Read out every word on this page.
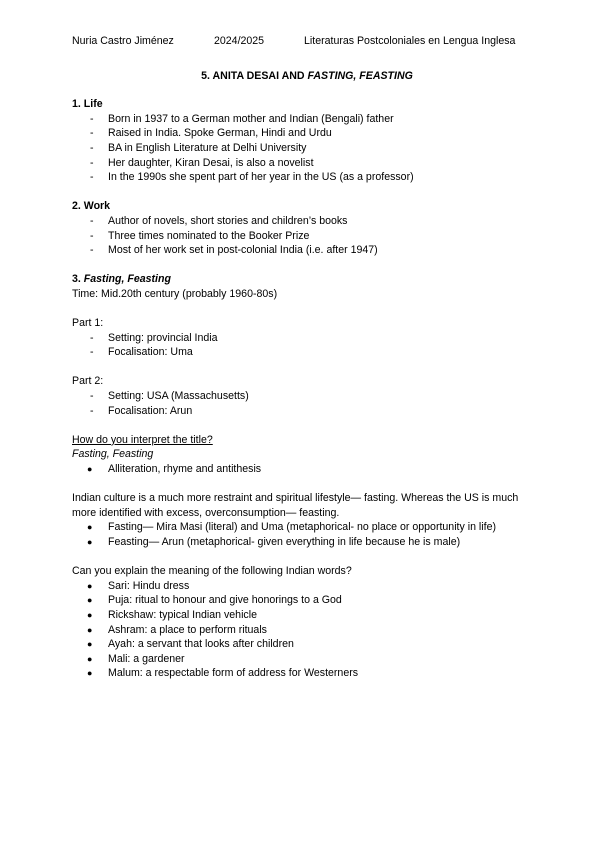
Nuria Castro Jiménez	2024/2025	Literaturas Postcoloniales en Lengua Inglesa
5. ANITA DESAI AND FASTING, FEASTING

1. Life

- Born in 1937 to a German mother and Indian (Bengali) father
- Raised in India. Spoke German, Hindi and Urdu
- BA in English Literature at Delhi University
- Her daughter, Kiran Desai, is also a novelist
- In the 1990s she spent part of her year in the US (as a professor)

2. Work

- Author of novels, short stories and children’s books
- Three times nominated to the Booker Prize
- Most of her work set in post-colonial India (i.e. after 1947)

3. Fasting, Feasting

Time: Mid.20th century (probably 1960-80s)

Part 1:

- Setting: provincial India
- Focalisation: Uma

Part 2:

- Setting: USA (Massachusetts)
- Focalisation: Arun

How do you interpret the title?

Fasting, Feasting

● Alliteration, rhyme and antithesis

Indian culture is a much more restraint and spiritual lifestyle— fasting. Whereas the US is much more identified with excess, overconsumption— feasting.

● Fasting— Mira Masi (literal) and Uma (metaphorical- no place or opportunity in life)
● Feasting— Arun (metaphorical- given everything in life because he is male)

Can you explain the meaning of the following Indian words?

● Sari: Hindu dress
● Puja: ritual to honour and give honorings to a God
● Rickshaw: typical Indian vehicle
● Ashram: a place to perform rituals
● Ayah: a servant that looks after children
● Mali: a gardener
● Malum: a respectable form of address for Westerners
